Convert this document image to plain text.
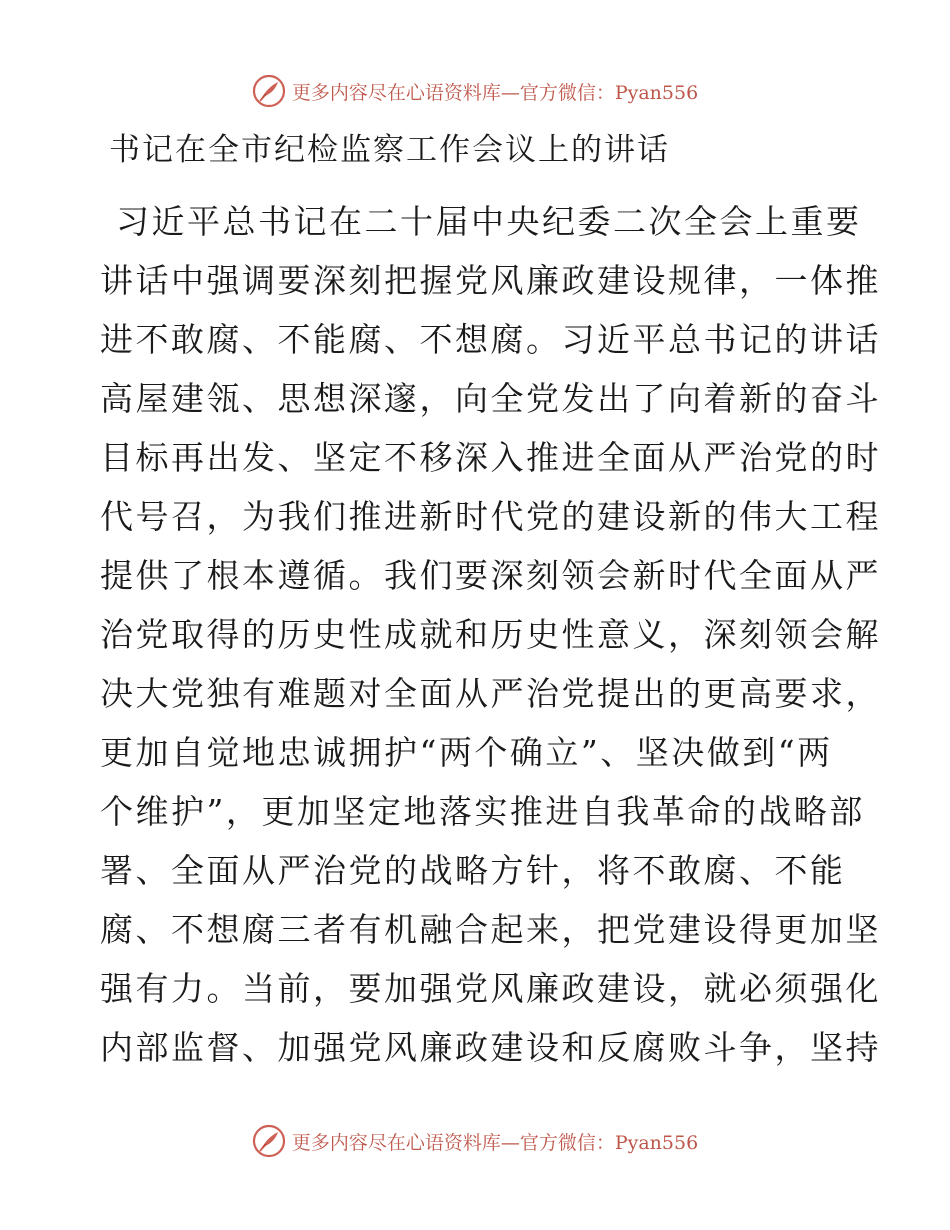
更多内容尽在心语资料库—官方微信：Pyan556
书记在全市纪检监察工作会议上的讲话
习近平总书记在二十届中央纪委二次全会上重要
讲话中强调要深刻把握党风廉政建设规律，一体推
进不敢腐、不能腐、不想腐。习近平总书记的讲话
高屋建瓴、思想深邃，向全党发出了向着新的奋斗
目标再出发、坚定不移深入推进全面从严治党的时
代号召，为我们推进新时代党的建设新的伟大工程
提供了根本遵循。我们要深刻领会新时代全面从严
治党取得的历史性成就和历史性意义，深刻领会解
决大党独有难题对全面从严治党提出的更高要求，
更加自觉地忠诚拥护“两个确立”、坚决做到“两
个维护”，更加坚定地落实推进自我革命的战略部
署、全面从严治党的战略方针，将不敢腐、不能
腐、不想腐三者有机融合起来，把党建设得更加坚
强有力。当前，要加强党风廉政建设，就必须强化
内部监督、加强党风廉政建设和反腐败斗争，坚持
更多内容尽在心语资料库—官方微信：Pyan556
